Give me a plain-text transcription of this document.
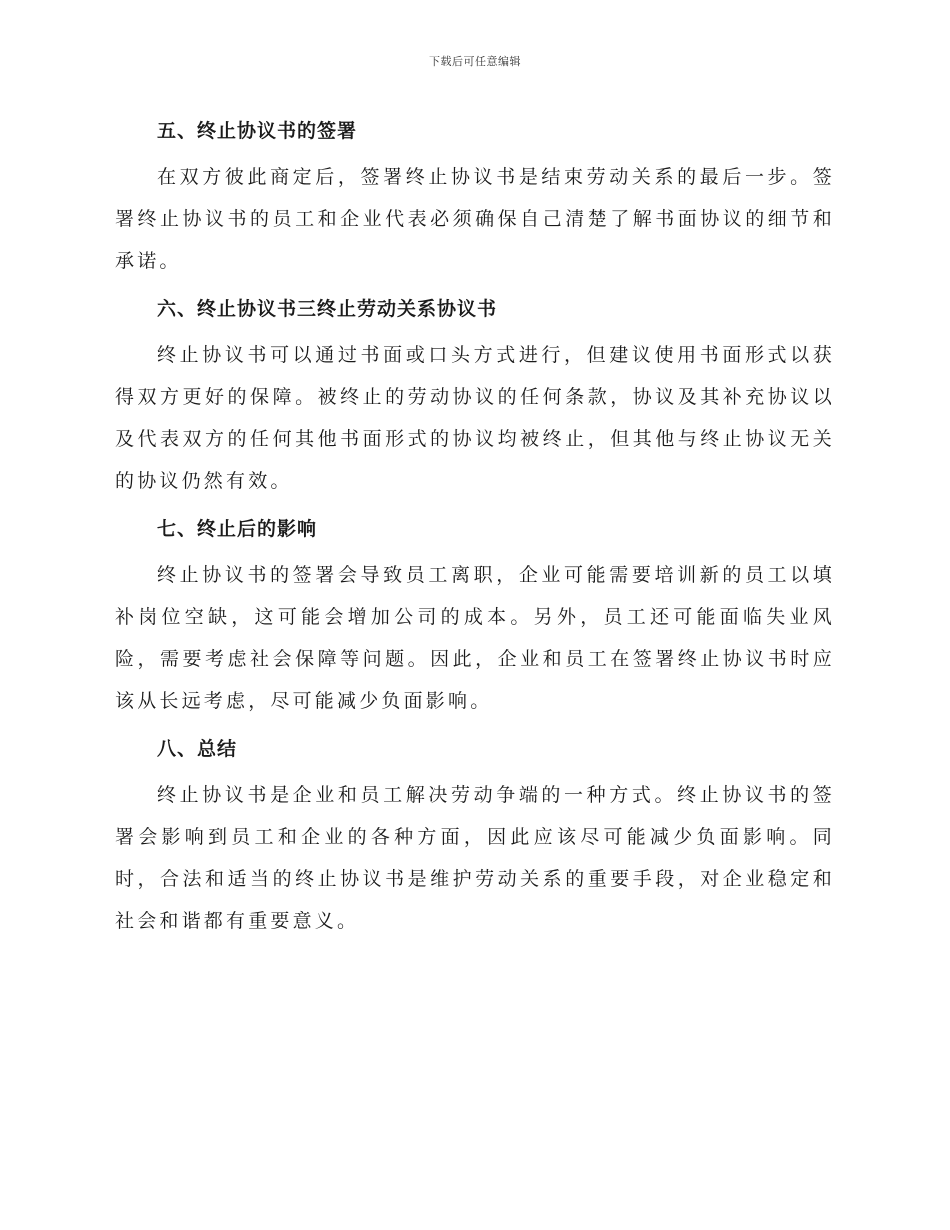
下载后可任意编辑

五、终止协议书的签署

在双方彼此商定后，签署终止协议书是结束劳动关系的最后一步。签署终止协议书的员工和企业代表必须确保自己清楚了解书面协议的细节和承诺。

六、终止协议书三终止劳动关系协议书

终止协议书可以通过书面或口头方式进行，但建议使用书面形式以获得双方更好的保障。被终止的劳动协议的任何条款，协议及其补充协议以及代表双方的任何其他书面形式的协议均被终止，但其他与终止协议无关的协议仍然有效。

七、终止后的影响

终止协议书的签署会导致员工离职，企业可能需要培训新的员工以填补岗位空缺，这可能会增加公司的成本。另外，员工还可能面临失业风险，需要考虑社会保障等问题。因此，企业和员工在签署终止协议书时应该从长远考虑，尽可能减少负面影响。

八、总结

终止协议书是企业和员工解决劳动争端的一种方式。终止协议书的签署会影响到员工和企业的各种方面，因此应该尽可能减少负面影响。同时，合法和适当的终止协议书是维护劳动关系的重要手段，对企业稳定和社会和谐都有重要意义。
